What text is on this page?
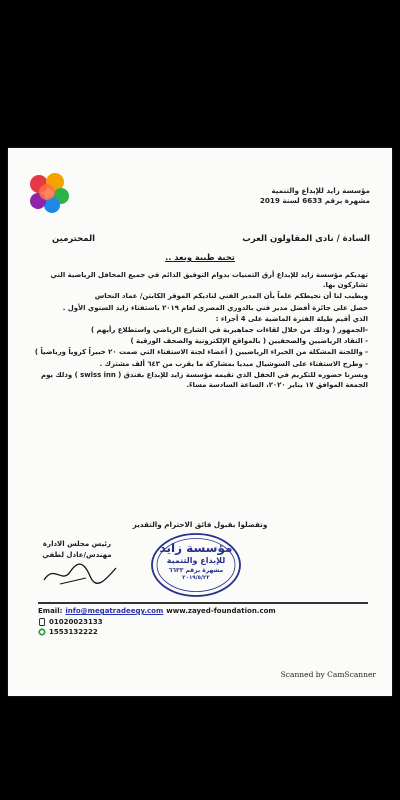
مؤسسة زايد للإبداع والتنمية
مشهرة برقم 6633 لسنة 2019
السادة / نادى المقاولون العرب
المحترمين
تحية طيبة وبعد ..

تهديكم مؤسسة زايد للإبداع أرق التمنيات بدوام التوفيق الدائم في جميع المحافل الرياضية التي تشاركون بها.

ويطيب لنا أن نحيطكم علماً بأن المدير الفني لناديكم الموقر الكابتن/ عماد النحاس

حصل على جائزة أفضل مدير فني بالدوري المصري لعام ٢٠١٩ باستفتاء زايد السنوي الأول .

الذي أقيم طيلة الفترة الماضية على 4 أجزاء :

-الجمهور ( وذلك من خلال لقاءات جماهيرية في الشارع الرياضي واستطلاع رأيهم )

- النقاد الرياضيين والصحفيين ( بالمواقع الإلكترونية والصحف الورقية )

- واللجنة المشكلة من الخبراء الرياضيين ( أعضاء لجنة الاستفتاء التي ضمت ٢٠ خبيراً كروياً ورياضياً )

- وطرح الاستفتاء على السوشيال ميديا بمشاركة ما يقرب من ٦٤٣ ألف مشترك .

ويسرنا حضوره للتكريم في الحفل الذي تقيمه مؤسسة زايد للإبداع بفندق ( swiss inn ) وذلك يوم الجمعة الموافق ١٧ يناير ٢٠٢٠، الساعة السادسة مساءً.

وتفضلوا بقبول فائق الاحترام والتقدير
رئيس مجلس الادارة
مهندس/عادل لطفي	مؤسسة زايد
للإبداع والتنمية
مشهرة برقم ٦٦٣٣
٢٠١٩/٥/٢٢
Email: info@megatradeegy.com www.zayed-foundation.com
01020023133
1553132222
Scanned by CamScanner
